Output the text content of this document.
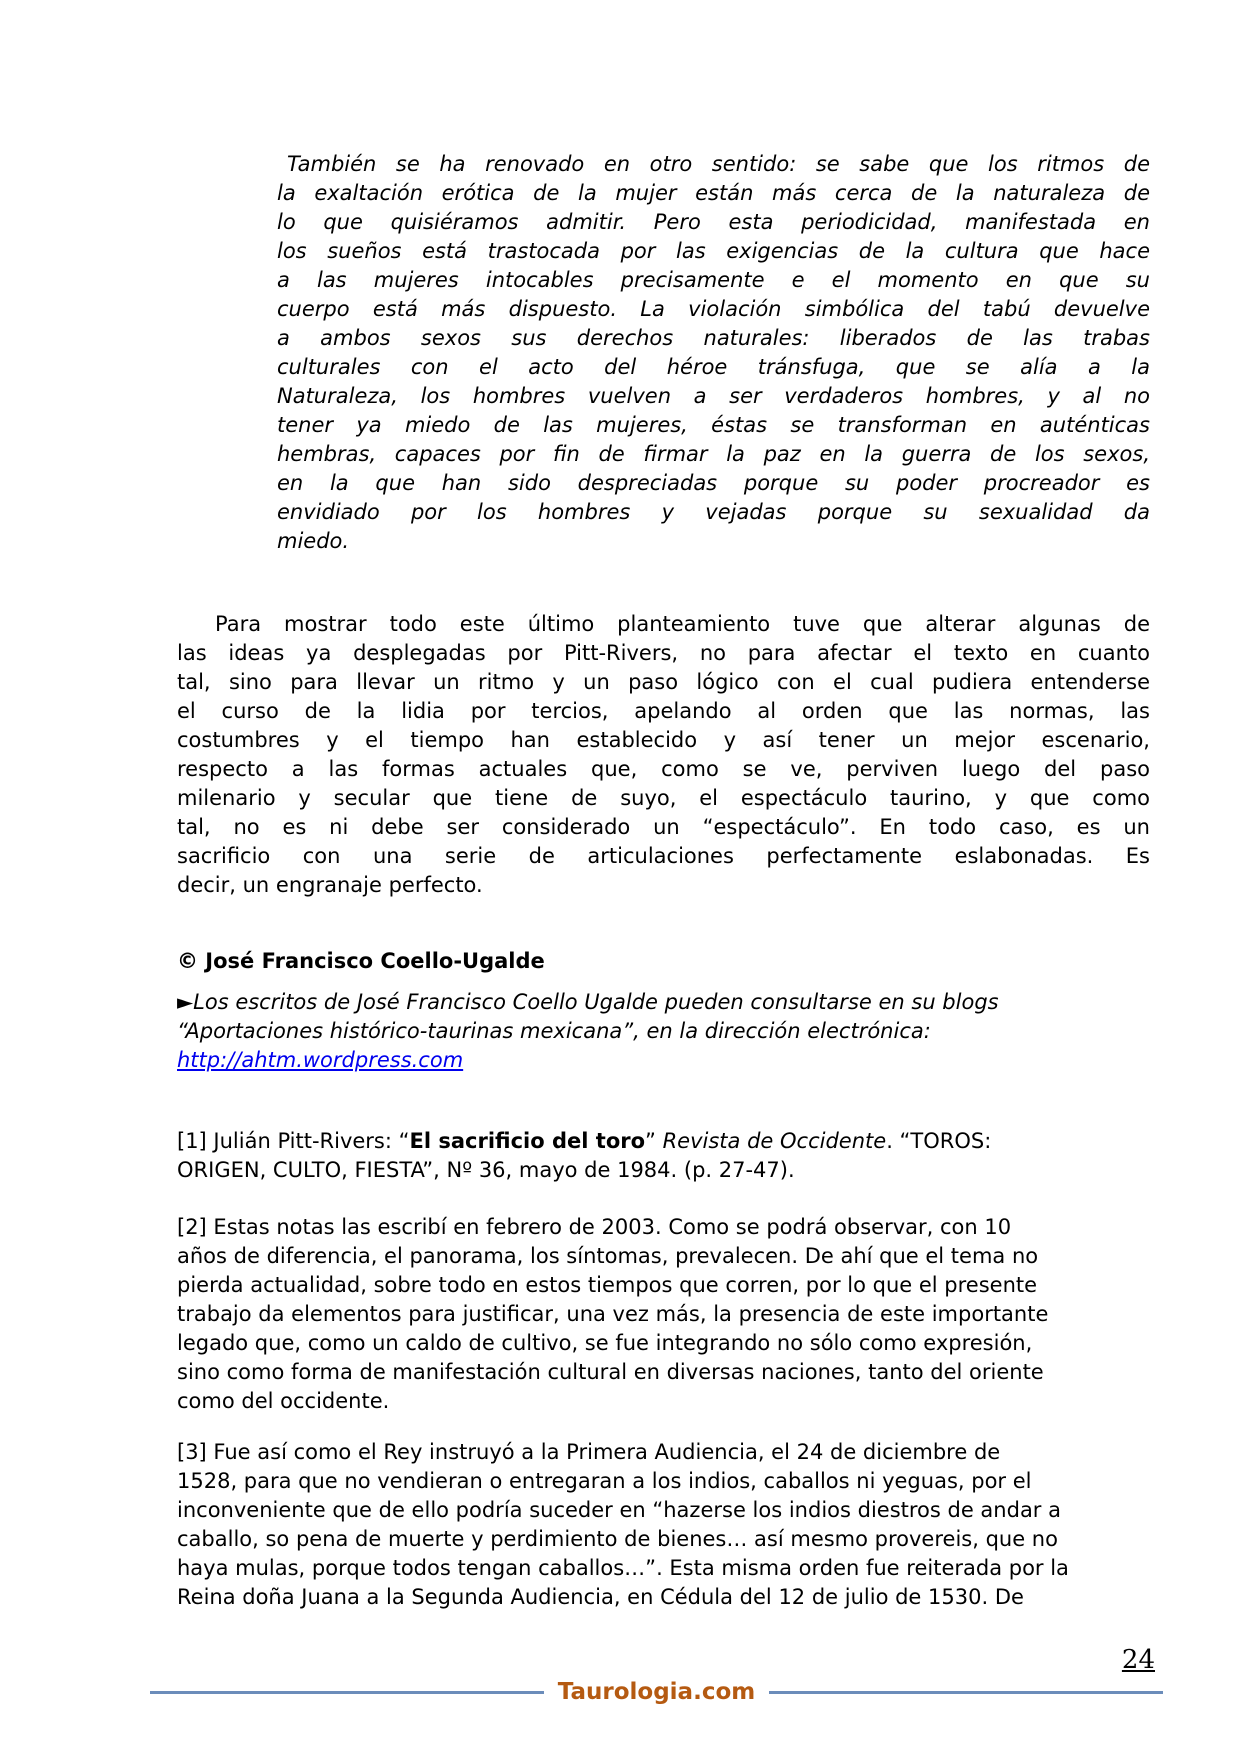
También se ha renovado en otro sentido: se sabe que los ritmos de
la exaltación erótica de la mujer están más cerca de la naturaleza de
lo que quisiéramos admitir. Pero esta periodicidad, manifestada en
los sueños está trastocada por las exigencias de la cultura que hace
a las mujeres intocables precisamente e el momento en que su
cuerpo está más dispuesto. La violación simbólica del tabú devuelve
a ambos sexos sus derechos naturales: liberados de las trabas
culturales con el acto del héroe tránsfuga, que se alía a la
Naturaleza, los hombres vuelven a ser verdaderos hombres, y al no
tener ya miedo de las mujeres, éstas se transforman en auténticas
hembras, capaces por fin de firmar la paz en la guerra de los sexos,
en la que han sido despreciadas porque su poder procreador es
envidiado por los hombres y vejadas porque su sexualidad da
miedo.
Para mostrar todo este último planteamiento tuve que alterar algunas de
las ideas ya desplegadas por Pitt-Rivers, no para afectar el texto en cuanto
tal, sino para llevar un ritmo y un paso lógico con el cual pudiera entenderse
el curso de la lidia por tercios, apelando al orden que las normas, las
costumbres y el tiempo han establecido y así tener un mejor escenario,
respecto a las formas actuales que, como se ve, perviven luego del paso
milenario y secular que tiene de suyo, el espectáculo taurino, y que como
tal, no es ni debe ser considerado un “espectáculo”. En todo caso, es un
sacrificio con una serie de articulaciones perfectamente eslabonadas. Es
decir, un engranaje perfecto.
© José Francisco Coello-Ugalde
►Los escritos de José Francisco Coello Ugalde pueden consultarse en su blogs
“Aportaciones histórico-taurinas mexicana”, en la dirección electrónica:
http://ahtm.wordpress.com
[1] Julián Pitt-Rivers: “El sacrificio del toro” Revista de Occidente. “TOROS:
ORIGEN, CULTO, FIESTA”, Nº 36, mayo de 1984. (p. 27-47).
[2] Estas notas las escribí en febrero de 2003. Como se podrá observar, con 10
años de diferencia, el panorama, los síntomas, prevalecen. De ahí que el tema no
pierda actualidad, sobre todo en estos tiempos que corren, por lo que el presente
trabajo da elementos para justificar, una vez más, la presencia de este importante
legado que, como un caldo de cultivo, se fue integrando no sólo como expresión,
sino como forma de manifestación cultural en diversas naciones, tanto del oriente
como del occidente.
[3] Fue así como el Rey instruyó a la Primera Audiencia, el 24 de diciembre de
1528, para que no vendieran o entregaran a los indios, caballos ni yeguas, por el
inconveniente que de ello podría suceder en “hazerse los indios diestros de andar a
caballo, so pena de muerte y perdimiento de bienes… así mesmo provereis, que no
haya mulas, porque todos tengan caballos…”. Esta misma orden fue reiterada por la
Reina doña Juana a la Segunda Audiencia, en Cédula del 12 de julio de 1530. De
24
Taurologia.com
